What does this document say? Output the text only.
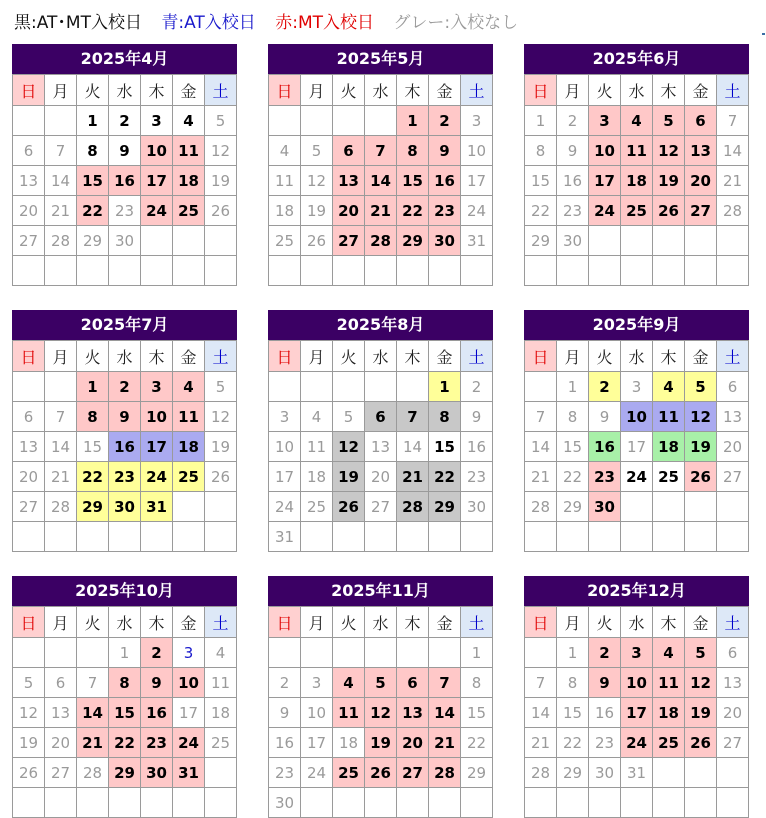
黒:AT･MT入校日 青:AT入校日 赤:MT入校日 グレー:入校なし
2025年4月
日	月	火	水	木	金	土
		1	2	3	4	5
6	7	8	9	10	11	12
13	14	15	16	17	18	19
20	21	22	23	24	25	26
27	28	29	30			

2025年5月
日	月	火	水	木	金	土
				1	2	3
4	5	6	7	8	9	10
11	12	13	14	15	16	17
18	19	20	21	22	23	24
25	26	27	28	29	30	31

2025年6月
日	月	火	水	木	金	土
1	2	3	4	5	6	7
8	9	10	11	12	13	14
15	16	17	18	19	20	21
22	23	24	25	26	27	28
29	30					

2025年7月
日	月	火	水	木	金	土
		1	2	3	4	5
6	7	8	9	10	11	12
13	14	15	16	17	18	19
20	21	22	23	24	25	26
27	28	29	30	31		

2025年8月
日	月	火	水	木	金	土
					1	2
3	4	5	6	7	8	9
10	11	12	13	14	15	16
17	18	19	20	21	22	23
24	25	26	27	28	29	30
31						
2025年9月
日	月	火	水	木	金	土
	1	2	3	4	5	6
7	8	9	10	11	12	13
14	15	16	17	18	19	20
21	22	23	24	25	26	27
28	29	30				

2025年10月
日	月	火	水	木	金	土
			1	2	3	4
5	6	7	8	9	10	11
12	13	14	15	16	17	18
19	20	21	22	23	24	25
26	27	28	29	30	31	

2025年11月
日	月	火	水	木	金	土
						1
2	3	4	5	6	7	8
9	10	11	12	13	14	15
16	17	18	19	20	21	22
23	24	25	26	27	28	29
30						
2025年12月
日	月	火	水	木	金	土
	1	2	3	4	5	6
7	8	9	10	11	12	13
14	15	16	17	18	19	20
21	22	23	24	25	26	27
28	29	30	31			
